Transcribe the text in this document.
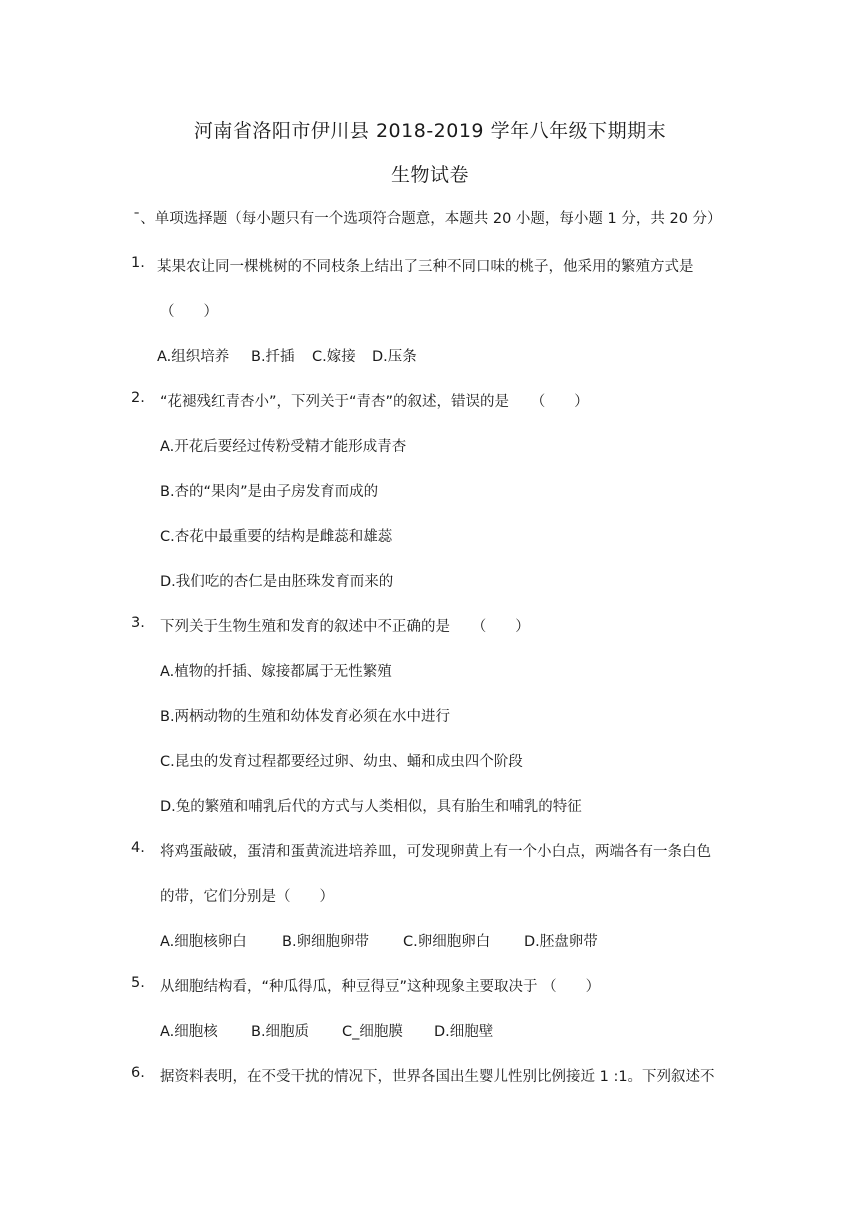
河南省洛阳市伊川县 2018-2019 学年八年级下期期末
生物试卷
¯、单项选择题（每小题只有一个选项符合题意，本题共 20 小题，每小题 1 分，共 20 分）
1. 某果农让同一棵桃树的不同枝条上结出了三种不同口味的桃子，他采用的繁殖方式是
（　　）
A.组织培养 B.扦插 C.嫁接 D.压条
2. “花褪残红青杏小”，下列关于“青杏”的叙述，错误的是　　（　　）
A.开花后要经过传粉受精才能形成青杏
B.杏的“果肉”是由子房发育而成的
C.杏花中最重要的结构是雌蕊和雄蕊
D.我们吃的杏仁是由胚珠发育而来的
3. 下列关于生物生殖和发育的叙述中不正确的是　　（　　）
A.植物的扦插、嫁接都属于无性繁殖
B.两柄动物的生殖和幼体发育必须在水中进行
C.昆虫的发育过程都要经过卵、幼虫、蛹和成虫四个阶段
D.兔的繁殖和哺乳后代的方式与人类相似，具有胎生和哺乳的特征
4. 将鸡蛋敲破，蛋清和蛋黄流进培养皿，可发现卵黄上有一个小白点，两端各有一条白色
的带，它们分别是（　　）
A.细胞核卵白 B.卵细胞卵带 C.卵细胞卵白 D.胚盘卵带
5. 从细胞结构看，“种瓜得瓜，种豆得豆”这种现象主要取决于 （　　）
A.细胞核 B.细胞质 C_细胞膜 D.细胞壁
6. 据资料表明，在不受干扰的情况下，世界各国出生婴儿性别比例接近 1 :1。下列叙述不
